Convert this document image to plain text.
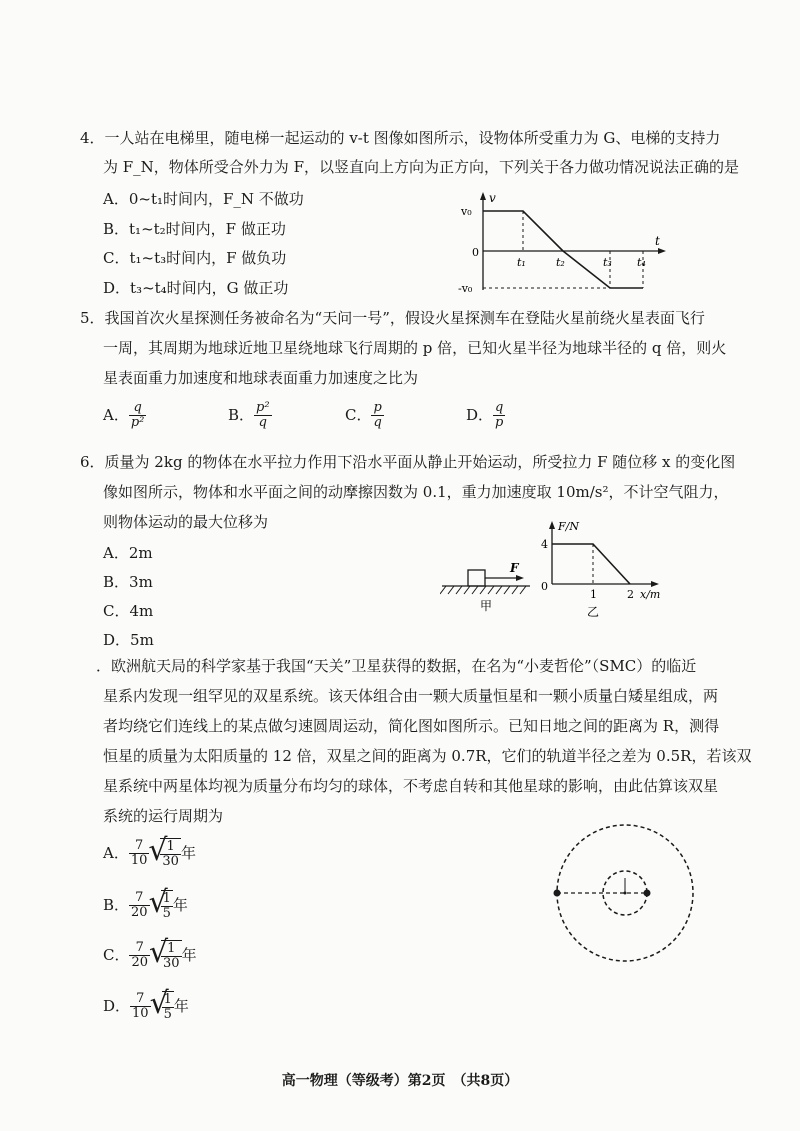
4．一人站在电梯里，随电梯一起运动的 v-t 图像如图所示，设物体所受重力为 G、电梯的支持力
为 F_N，物体所受合外力为 F，以竖直向上方向为正方向，下列关于各力做功情况说法正确的是
A．0~t₁时间内，F_N 不做功
B．t₁~t₂时间内，F 做正功
C．t₁~t₃时间内，F 做负功
D．t₃~t₄时间内，G 做正功
v
t
v₀
-v₀
0
t₁	t₂	t₃ t₄
5．我国首次火星探测任务被命名为“天问一号”，假设火星探测车在登陆火星前绕火星表面飞行
一周，其周期为地球近地卫星绕地球飞行周期的 p 倍，已知火星半径为地球半径的 q 倍，则火
星表面重力加速度和地球表面重力加速度之比为
A． $\frac{q}{\text{p²}}$	B． $\frac{\text{p²}}{q}$	C． $\frac{p}{q}$	D． $\frac{q}{p}$
6．质量为 2kg 的物体在水平拉力作用下沿水平面从静止开始运动，所受拉力 F 随位移 x 的变化图
像如图所示，物体和水平面之间的动摩擦因数为 0.1，重力加速度取 10m/s²，不计空气阻力，
则物体运动的最大位移为
A．2m
B．3m
C．4m
D．5m
F
甲
F/N
x/m
4
0
1	2
乙
．欧洲航天局的科学家基于我国“天关”卫星获得的数据，在名为“小麦哲伦”（SMC）的临近
星系内发现一组罕见的双星系统。该天体组合由一颗大质量恒星和一颗小质量白矮星组成，两
者均绕它们连线上的某点做匀速圆周运动，简化图如图所示。已知日地之间的距离为 R，测得
恒星的质量为太阳质量的 12 倍，双星之间的距离为 0.7R，它们的轨道半径之差为 0.5R，若该双
星系统中两星体均视为质量分布均匀的球体，不考虑自转和其他星球的影响，由此估算该双星
系统的运行周期为
A． $\frac{7}{10}$ √ $\frac{1}{30}$ 年
B． $\frac{7}{20}$ √ $\frac{1}{5}$ 年
C． $\frac{7}{20}$ √ $\frac{1}{30}$ 年
D． $\frac{7}{10}$ √ $\frac{1}{5}$ 年
高一物理（等级考）第2页　（共8页）
